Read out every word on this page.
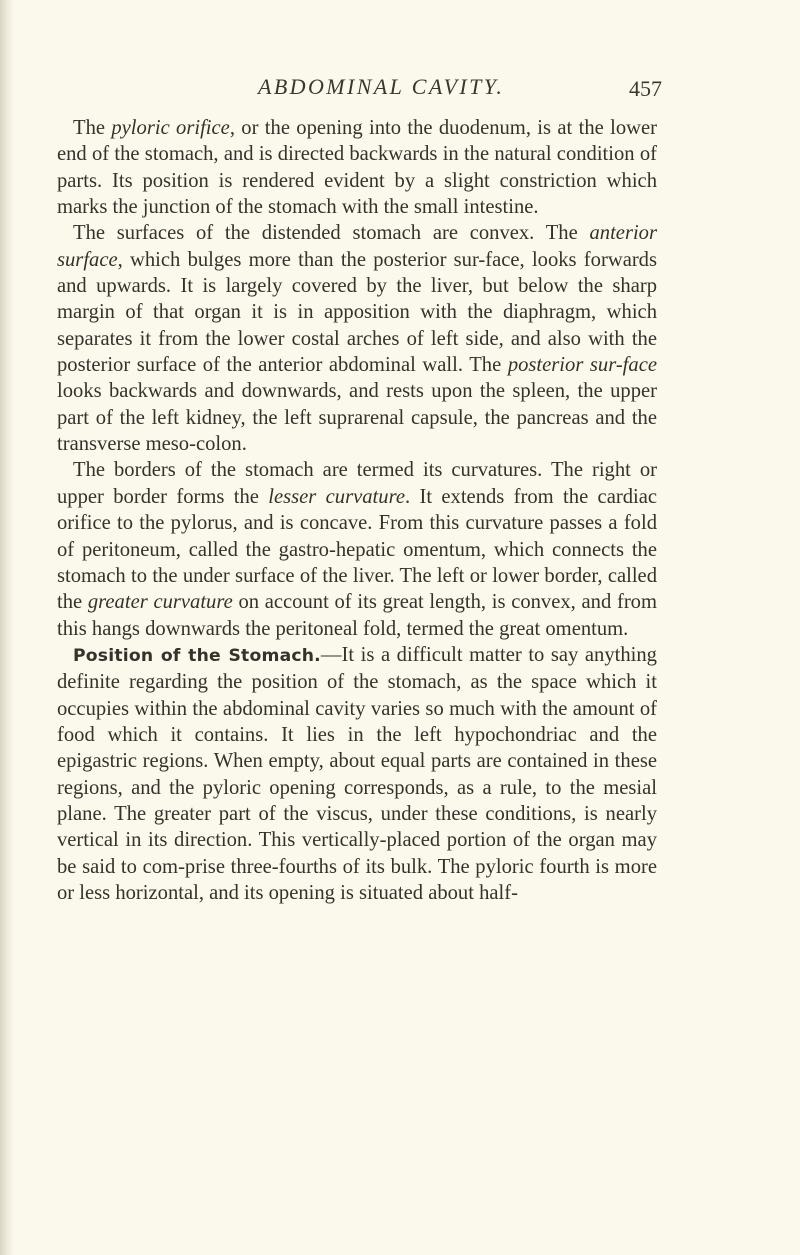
ABDOMINAL CAVITY.	457

The pyloric orifice, or the opening into the duodenum, is at the lower end of the stomach, and is directed backwards in the natural condition of parts. Its position is rendered evident by a slight constriction which marks the junction of the stomach with the small intestine.

The surfaces of the distended stomach are convex. The anterior surface, which bulges more than the posterior sur-face, looks forwards and upwards. It is largely covered by the liver, but below the sharp margin of that organ it is in apposition with the diaphragm, which separates it from the lower costal arches of left side, and also with the posterior surface of the anterior abdominal wall. The posterior sur-face looks backwards and downwards, and rests upon the spleen, the upper part of the left kidney, the left suprarenal capsule, the pancreas and the transverse meso-colon.

The borders of the stomach are termed its curvatures. The right or upper border forms the lesser curvature. It extends from the cardiac orifice to the pylorus, and is concave. From this curvature passes a fold of peritoneum, called the gastro-hepatic omentum, which connects the stomach to the under surface of the liver. The left or lower border, called the greater curvature on account of its great length, is convex, and from this hangs downwards the peritoneal fold, termed the great omentum.

Position of the Stomach.—It is a difficult matter to say anything definite regarding the position of the stomach, as the space which it occupies within the abdominal cavity varies so much with the amount of food which it contains. It lies in the left hypochondriac and the epigastric regions. When empty, about equal parts are contained in these regions, and the pyloric opening corresponds, as a rule, to the mesial plane. The greater part of the viscus, under these conditions, is nearly vertical in its direction. This vertically-placed portion of the organ may be said to com-prise three-fourths of its bulk. The pyloric fourth is more or less horizontal, and its opening is situated about half-
